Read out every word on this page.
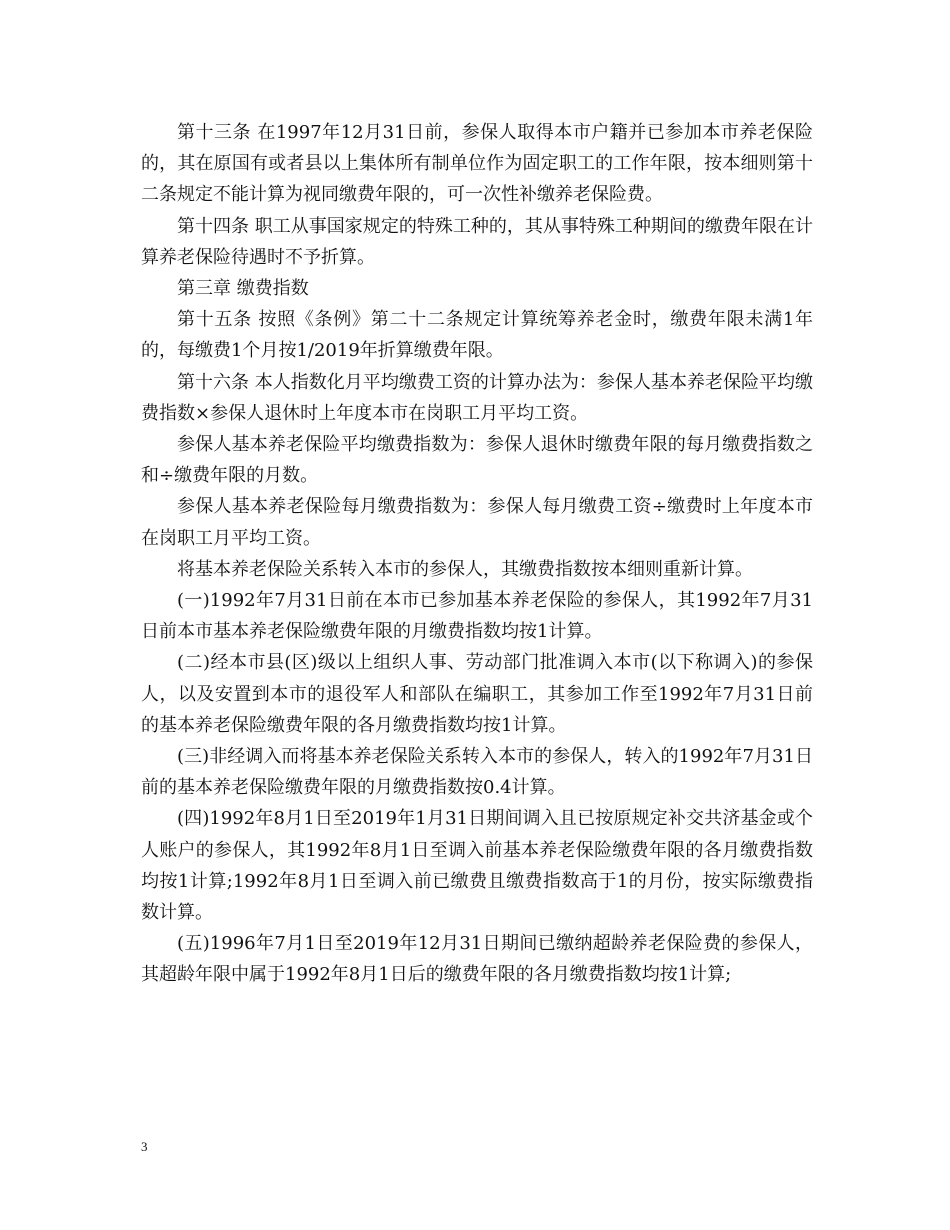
第十三条 在1997年12月31日前，参保人取得本市户籍并已参加本市养老保险的，其在原国有或者县以上集体所有制单位作为固定职工的工作年限，按本细则第十二条规定不能计算为视同缴费年限的，可一次性补缴养老保险费。

第十四条 职工从事国家规定的特殊工种的，其从事特殊工种期间的缴费年限在计算养老保险待遇时不予折算。

第三章 缴费指数

第十五条 按照《条例》第二十二条规定计算统筹养老金时，缴费年限未满1年的，每缴费1个月按1/2019年折算缴费年限。

第十六条 本人指数化月平均缴费工资的计算办法为：参保人基本养老保险平均缴费指数×参保人退休时上年度本市在岗职工月平均工资。

参保人基本养老保险平均缴费指数为：参保人退休时缴费年限的每月缴费指数之和÷缴费年限的月数。

参保人基本养老保险每月缴费指数为：参保人每月缴费工资÷缴费时上年度本市在岗职工月平均工资。

将基本养老保险关系转入本市的参保人，其缴费指数按本细则重新计算。

(一)1992年7月31日前在本市已参加基本养老保险的参保人，其1992年7月31日前本市基本养老保险缴费年限的月缴费指数均按1计算。

(二)经本市县(区)级以上组织人事、劳动部门批准调入本市(以下称调入)的参保人，以及安置到本市的退役军人和部队在编职工，其参加工作至1992年7月31日前的基本养老保险缴费年限的各月缴费指数均按1计算。

(三)非经调入而将基本养老保险关系转入本市的参保人，转入的1992年7月31日前的基本养老保险缴费年限的月缴费指数按0.4计算。

(四)1992年8月1日至2019年1月31日期间调入且已按原规定补交共济基金或个人账户的参保人，其1992年8月1日至调入前基本养老保险缴费年限的各月缴费指数均按1计算;1992年8月1日至调入前已缴费且缴费指数高于1的月份，按实际缴费指数计算。

(五)1996年7月1日至2019年12月31日期间已缴纳超龄养老保险费的参保人，其超龄年限中属于1992年8月1日后的缴费年限的各月缴费指数均按1计算;

3
